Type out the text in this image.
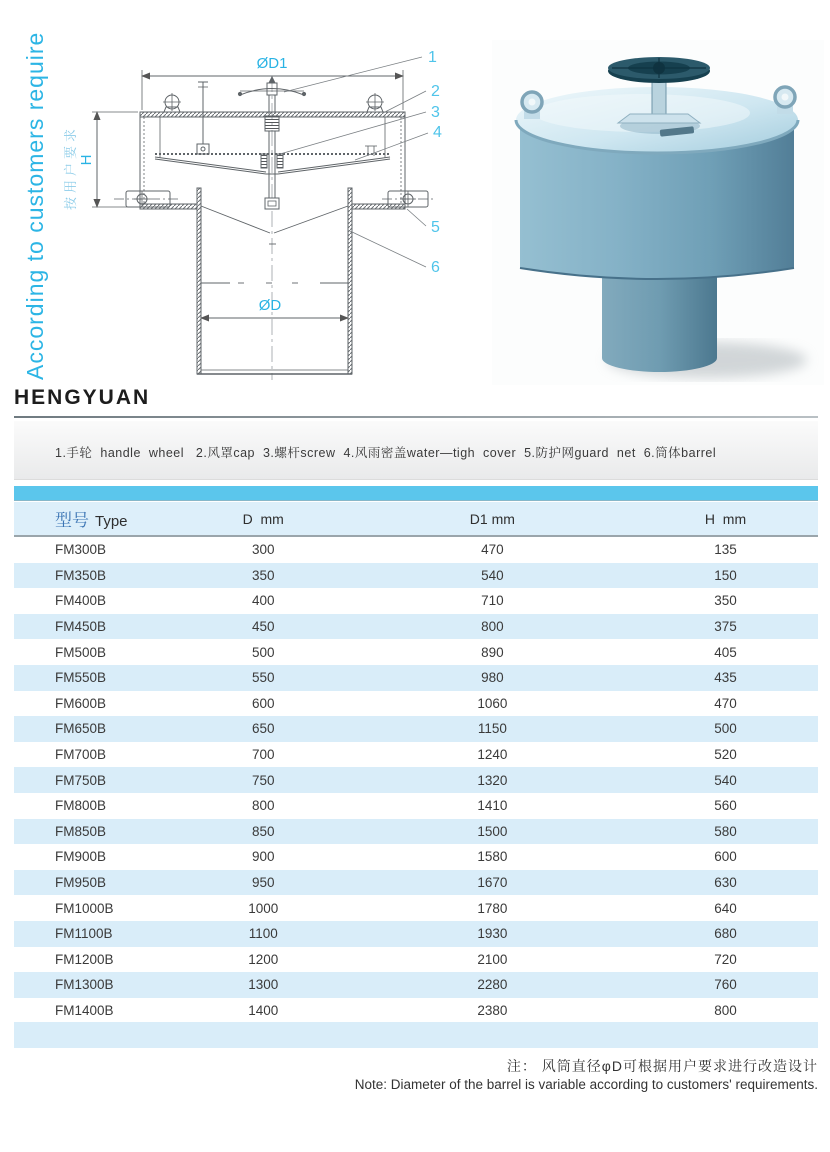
According to customers require 按用户要求
ØD1
H
ØD
1
2
3
4
5
6
HENGYUAN
1.手轮  handle  wheel   2.风罩cap  3.螺杆screw  4.风雨密盖water—tigh  cover  5.防护网guard  net  6.筒体barrel
型号 Type	D  mm	D1 mm	H  mm
FM300B	300	470	135
FM350B	350	540	150
FM400B	400	710	350
FM450B	450	800	375
FM500B	500	890	405
FM550B	550	980	435
FM600B	600	1060	470
FM650B	650	1150	500
FM700B	700	1240	520
FM750B	750	1320	540
FM800B	800	1410	560
FM850B	850	1500	580
FM900B	900	1580	600
FM950B	950	1670	630
FM1000B	1000	1780	640
FM1100B	1100	1930	680
FM1200B	1200	2100	720
FM1300B	1300	2280	760
FM1400B	1400	2380	800
注： 风筒直径φD可根据用户要求进行改造设计
Note: Diameter of the barrel is variable according to customers' requirements.
